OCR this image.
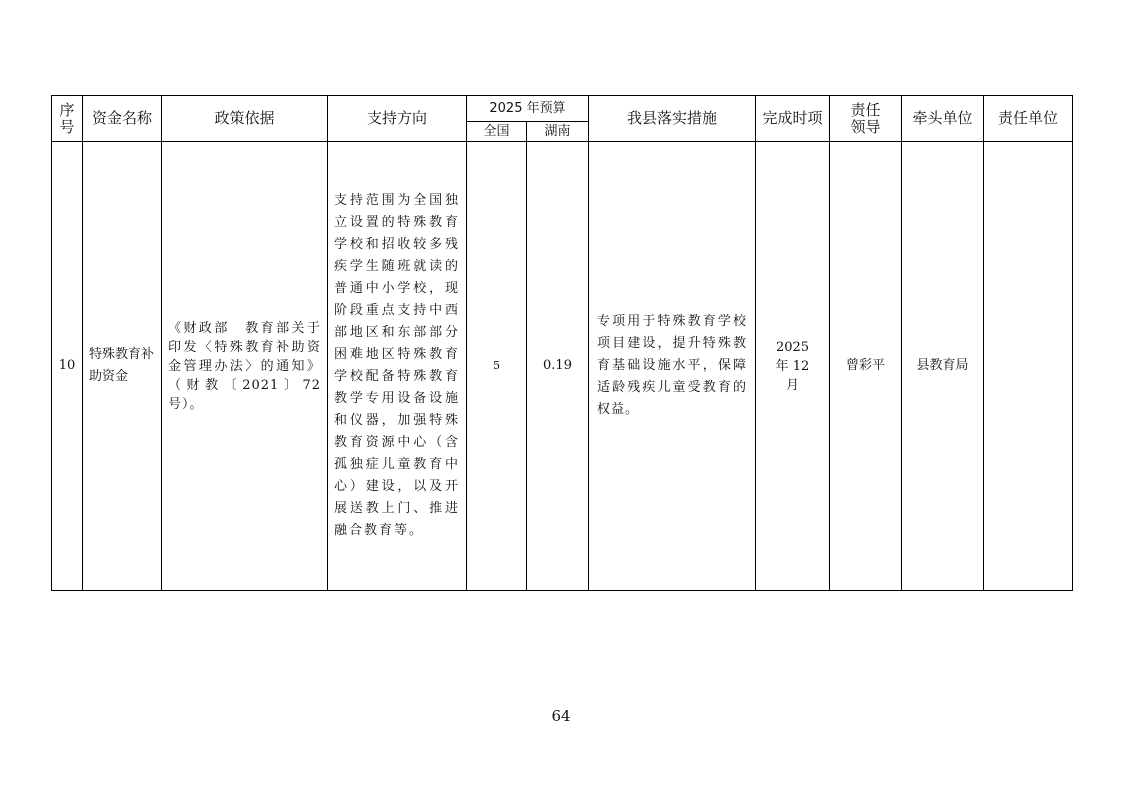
序号	资金名称	政策依据	支持方向	2025 年预算		我县落实措施	完成时项	责任领导	牵头单位	责任单位
				全国	湖南					
10	特殊教育补助资金	《财政部　教育部关于印发〈特殊教育补助资金管理办法〉的通知》（财教〔2021〕72号）。	支持范围为全国独立设置的特殊教育学校和招收较多残疾学生随班就读的普通中小学校，现阶段重点支持中西部地区和东部部分困难地区特殊教育学校配备特殊教育教学专用设备设施和仪器，加强特殊教育资源中心（含孤独症儿童教育中心）建设，以及开展送教上门、推进融合教育等。	5	0.19	专项用于特殊教育学校项目建设，提升特殊教育基础设施水平，保障适龄残疾儿童受教育的权益。	2025 年 12 月	曾彩平	县教育局	
64
